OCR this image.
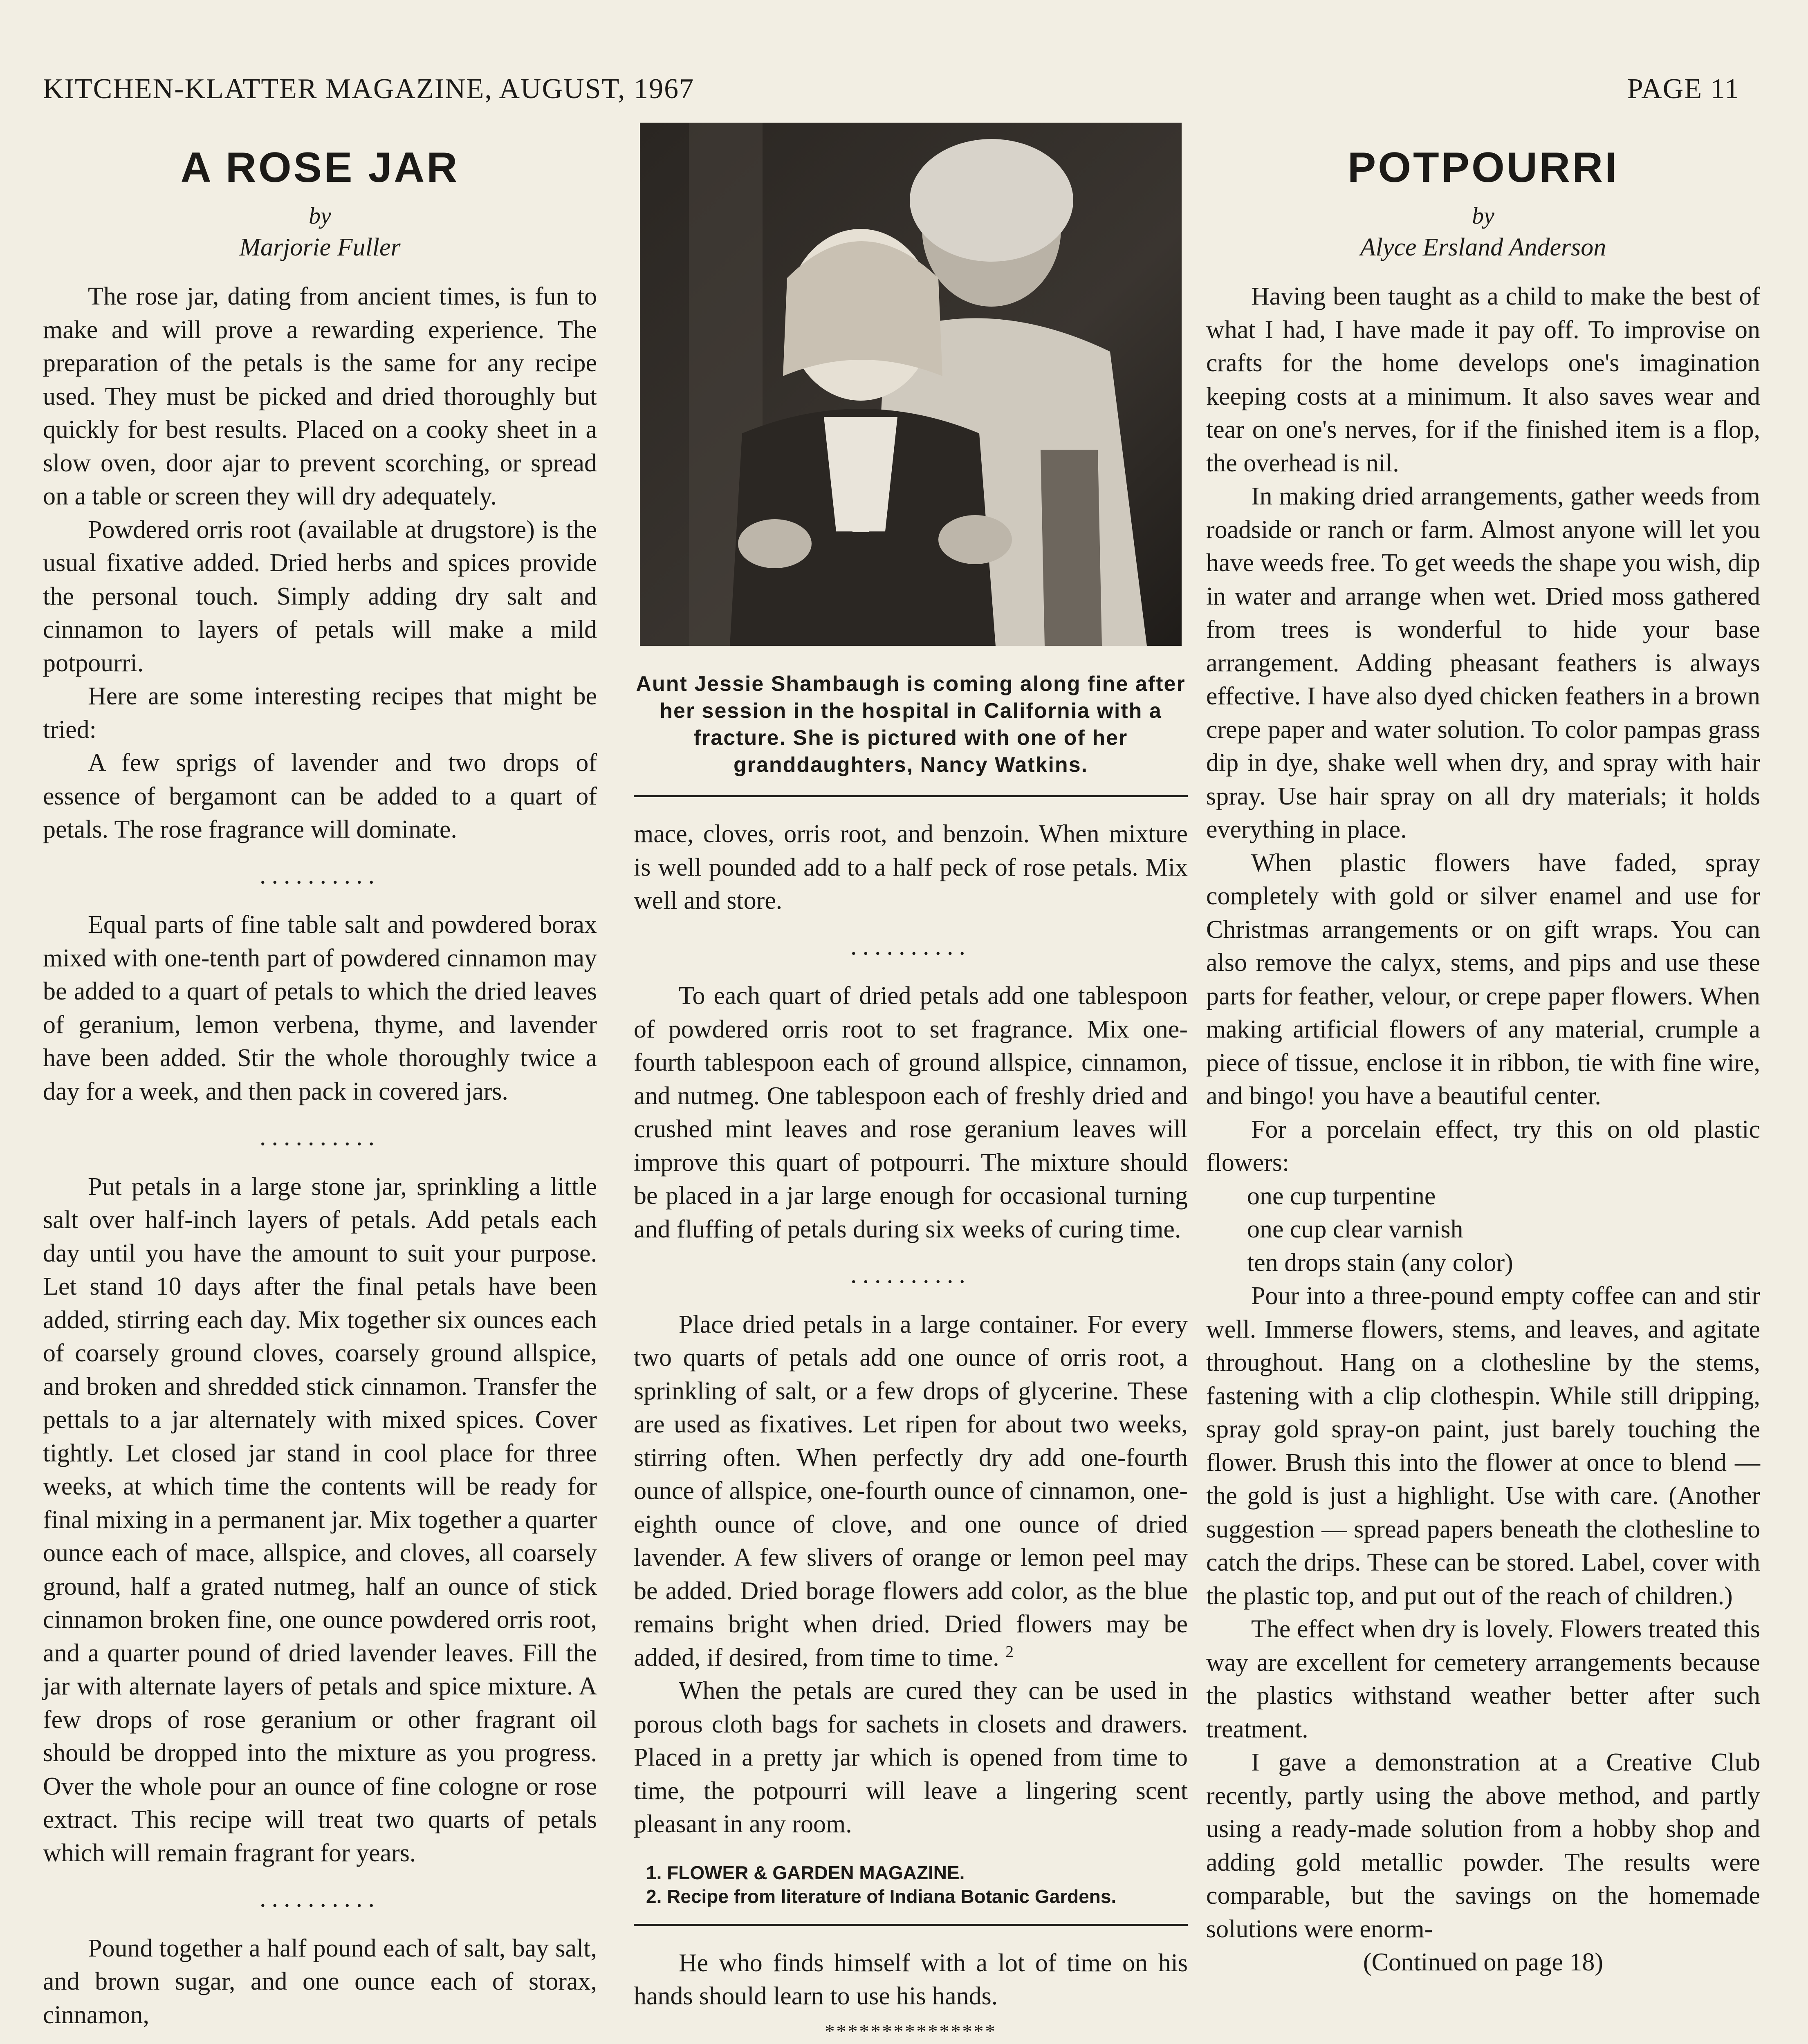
KITCHEN-KLATTER MAGAZINE, AUGUST, 1967	PAGE 11
A ROSE JAR
by
Marjorie Fuller

The rose jar, dating from ancient times, is fun to make and will prove a rewarding experience. The preparation of the petals is the same for any recipe used. They must be picked and dried thoroughly but quickly for best results. Placed on a cooky sheet in a slow oven, door ajar to prevent scorching, or spread on a table or screen they will dry adequately.

Powdered orris root (available at drugstore) is the usual fixative added. Dried herbs and spices provide the personal touch. Simply adding dry salt and cinnamon to layers of petals will make a mild potpourri.

Here are some interesting recipes that might be tried:

A few sprigs of lavender and two drops of essence of bergamont can be added to a quart of petals. The rose fragrance will dominate.

..........

Equal parts of fine table salt and powdered borax mixed with one-tenth part of powdered cinnamon may be added to a quart of petals to which the dried leaves of geranium, lemon verbena, thyme, and lavender have been added. Stir the whole thoroughly twice a day for a week, and then pack in covered jars.

..........

Put petals in a large stone jar, sprinkling a little salt over half-inch layers of petals. Add petals each day until you have the amount to suit your purpose. Let stand 10 days after the final petals have been added, stirring each day. Mix together six ounces each of coarsely ground cloves, coarsely ground allspice, and broken and shredded stick cinnamon. Transfer the pettals to a jar alternately with mixed spices. Cover tightly. Let closed jar stand in cool place for three weeks, at which time the contents will be ready for final mixing in a permanent jar. Mix together a quarter ounce each of mace, allspice, and cloves, all coarsely ground, half a grated nutmeg, half an ounce of stick cinnamon broken fine, one ounce powdered orris root, and a quarter pound of dried lavender leaves. Fill the jar with alternate layers of petals and spice mixture. A few drops of rose geranium or other fragrant oil should be dropped into the mixture as you progress. Over the whole pour an ounce of fine cologne or rose extract. This recipe will treat two quarts of petals which will remain fragrant for years.

..........

Pound together a half pound each of salt, bay salt, and brown sugar, and one ounce each of storax, cinnamon,

Aunt Jessie Shambaugh is coming along fine after her session in the hospital in California with a fracture. She is pictured with one of her granddaughters, Nancy Watkins.

mace, cloves, orris root, and benzoin. When mixture is well pounded add to a half peck of rose petals. Mix well and store.

..........

To each quart of dried petals add one tablespoon of powdered orris root to set fragrance. Mix one-fourth tablespoon each of ground allspice, cinnamon, and nutmeg. One tablespoon each of freshly dried and crushed mint leaves and rose geranium leaves will improve this quart of potpourri. The mixture should be placed in a jar large enough for occasional turning and fluffing of petals during six weeks of curing time.

..........

Place dried petals in a large container. For every two quarts of petals add one ounce of orris root, a sprinkling of salt, or a few drops of glycerine. These are used as fixatives. Let ripen for about two weeks, stirring often. When perfectly dry add one-fourth ounce of allspice, one-fourth ounce of cinnamon, one-eighth ounce of clove, and one ounce of dried lavender. A few slivers of orange or lemon peel may be added. Dried borage flowers add color, as the blue remains bright when dried. Dried flowers may be added, if desired, from time to time. $^2$

When the petals are cured they can be used in porous cloth bags for sachets in closets and drawers. Placed in a pretty jar which is opened from time to time, the potpourri will leave a lingering scent pleasant in any room.

1. FLOWER & GARDEN MAGAZINE.
2. Recipe from literature of Indiana Botanic Gardens.

He who finds himself with a lot of time on his hands should learn to use his hands.

***************

POTPOURRI
by
Alyce Ersland Anderson

Having been taught as a child to make the best of what I had, I have made it pay off. To improvise on crafts for the home develops one's imagination keeping costs at a minimum. It also saves wear and tear on one's nerves, for if the finished item is a flop, the overhead is nil.

In making dried arrangements, gather weeds from roadside or ranch or farm. Almost anyone will let you have weeds free. To get weeds the shape you wish, dip in water and arrange when wet. Dried moss gathered from trees is wonderful to hide your base arrangement. Adding pheasant feathers is always effective. I have also dyed chicken feathers in a brown crepe paper and water solution. To color pampas grass dip in dye, shake well when dry, and spray with hair spray. Use hair spray on all dry materials; it holds everything in place.

When plastic flowers have faded, spray completely with gold or silver enamel and use for Christmas arrangements or on gift wraps. You can also remove the calyx, stems, and pips and use these parts for feather, velour, or crepe paper flowers. When making artificial flowers of any material, crumple a piece of tissue, enclose it in ribbon, tie with fine wire, and bingo! you have a beautiful center.

For a porcelain effect, try this on old plastic flowers:

one cup turpentine
one cup clear varnish
ten drops stain (any color)

Pour into a three-pound empty coffee can and stir well. Immerse flowers, stems, and leaves, and agitate throughout. Hang on a clothesline by the stems, fastening with a clip clothespin. While still dripping, spray gold spray-on paint, just barely touching the flower. Brush this into the flower at once to blend — the gold is just a highlight. Use with care. (Another suggestion — spread papers beneath the clothesline to catch the drips. These can be stored. Label, cover with the plastic top, and put out of the reach of children.)

The effect when dry is lovely. Flowers treated this way are excellent for cemetery arrangements because the plastics withstand weather better after such treatment.

I gave a demonstration at a Creative Club recently, partly using the above method, and partly using a ready-made solution from a hobby shop and adding gold metallic powder. The results were comparable, but the savings on the homemade solutions were enorm-

(Continued on page 18)
